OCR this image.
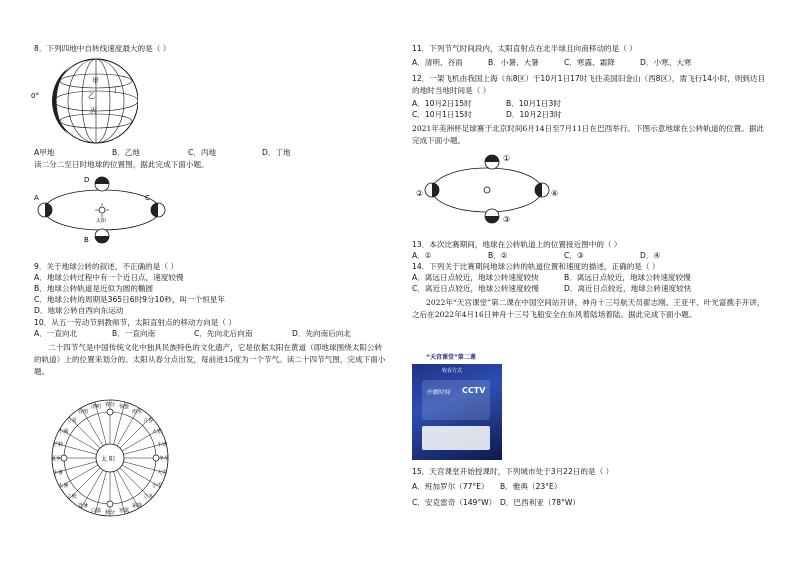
8．下列四地中自转线速度最大的是（ ）
0°
甲
乙
丙
丁
A甲地	B．乙地	C．丙地	D．丁地
读二分二至日时地球的位置图，据此完成下面小题。
A
D
C
B
太阳
9．关于地球公转的叙述，不正确的是（ ）
A．地球公转过程中有一个近日点，速度较慢
B．地球公转轨道是近似为圆的椭圆
C．地球公转的周期是365日6时9分10秒，叫一个恒星年
D．地球公转自西向东运动
10．从五一劳动节到教师节，太阳直射点的移动方向是（ ）
A．一直向北	B．一直向南	C．先向北后向南	D．先向南后向北
二十四节气是中国传统文化中独具民族特色的文化遗产，它是依据太阳在黄道（即地球围绕太阳公转的轨道）上的位置来划分的。太阳从春分点出发，每前进15度为一个节气。读二十四节气图，完成下面小题。
春分
清明
谷雨
立夏
小满
芒种
夏至
小暑
大暑
立秋
处暑
白露 秋分 寒露
霜降
立冬
小雪
大雪
冬至
小寒
大寒
立春
雨水
惊蛰
太 阳
11．下列节气时间段内，太阳直射点在北半球且向南移动的是（ ）
A．清明、谷雨	B．小暑、大暑	C．寒露、霜降	D．小寒、大寒
12．一架飞机由我国上海（东8区）于10月1日17时飞往美国旧金山（西8区），需飞行14小时，则到达目的地时当地时间是（ ）
A．10月2日15时	B．10月1日3时
C．10月1日15时	D．10月2日3时
2021年美洲杯足球赛于北京时间6月14日至7月11日在巴西举行。下图示意地球在公转轨道的位置。据此完成下面小题。
①
②
③
④
13．本次比赛期间，地球在公转轨道上的位置接近图中的（ ）
A．①	B．②	C．③	D．④
14．下列关于比赛期间地球公转的轨道位置和速度的描述，正确的是（ ）
A．离远日点较近，地球公转速度较快	B．离远日点较近，地球公转速度较慢
C．离近日点较近，地球公转速度较慢	D．离近日点较近，地球公转速度较快
2022年“天宫课堂”第二课在中国空间站开讲，神舟十三号航天员翟志刚、王亚平、叶光富携手开讲，之后在2022年4月16日神舟十三号飞船安全在东风着陆场着陆。据此完成下面小题。
“天宫课堂”第二课
收看方式
开播时间 CCTV
15．天宫课堂开始授课时，下列城市处于3月22日的是（ ）
A．班加罗尔（77°E） B．雅典（23°E）
C．安克雷奇（149°W） D．巴西利亚（78°W）
